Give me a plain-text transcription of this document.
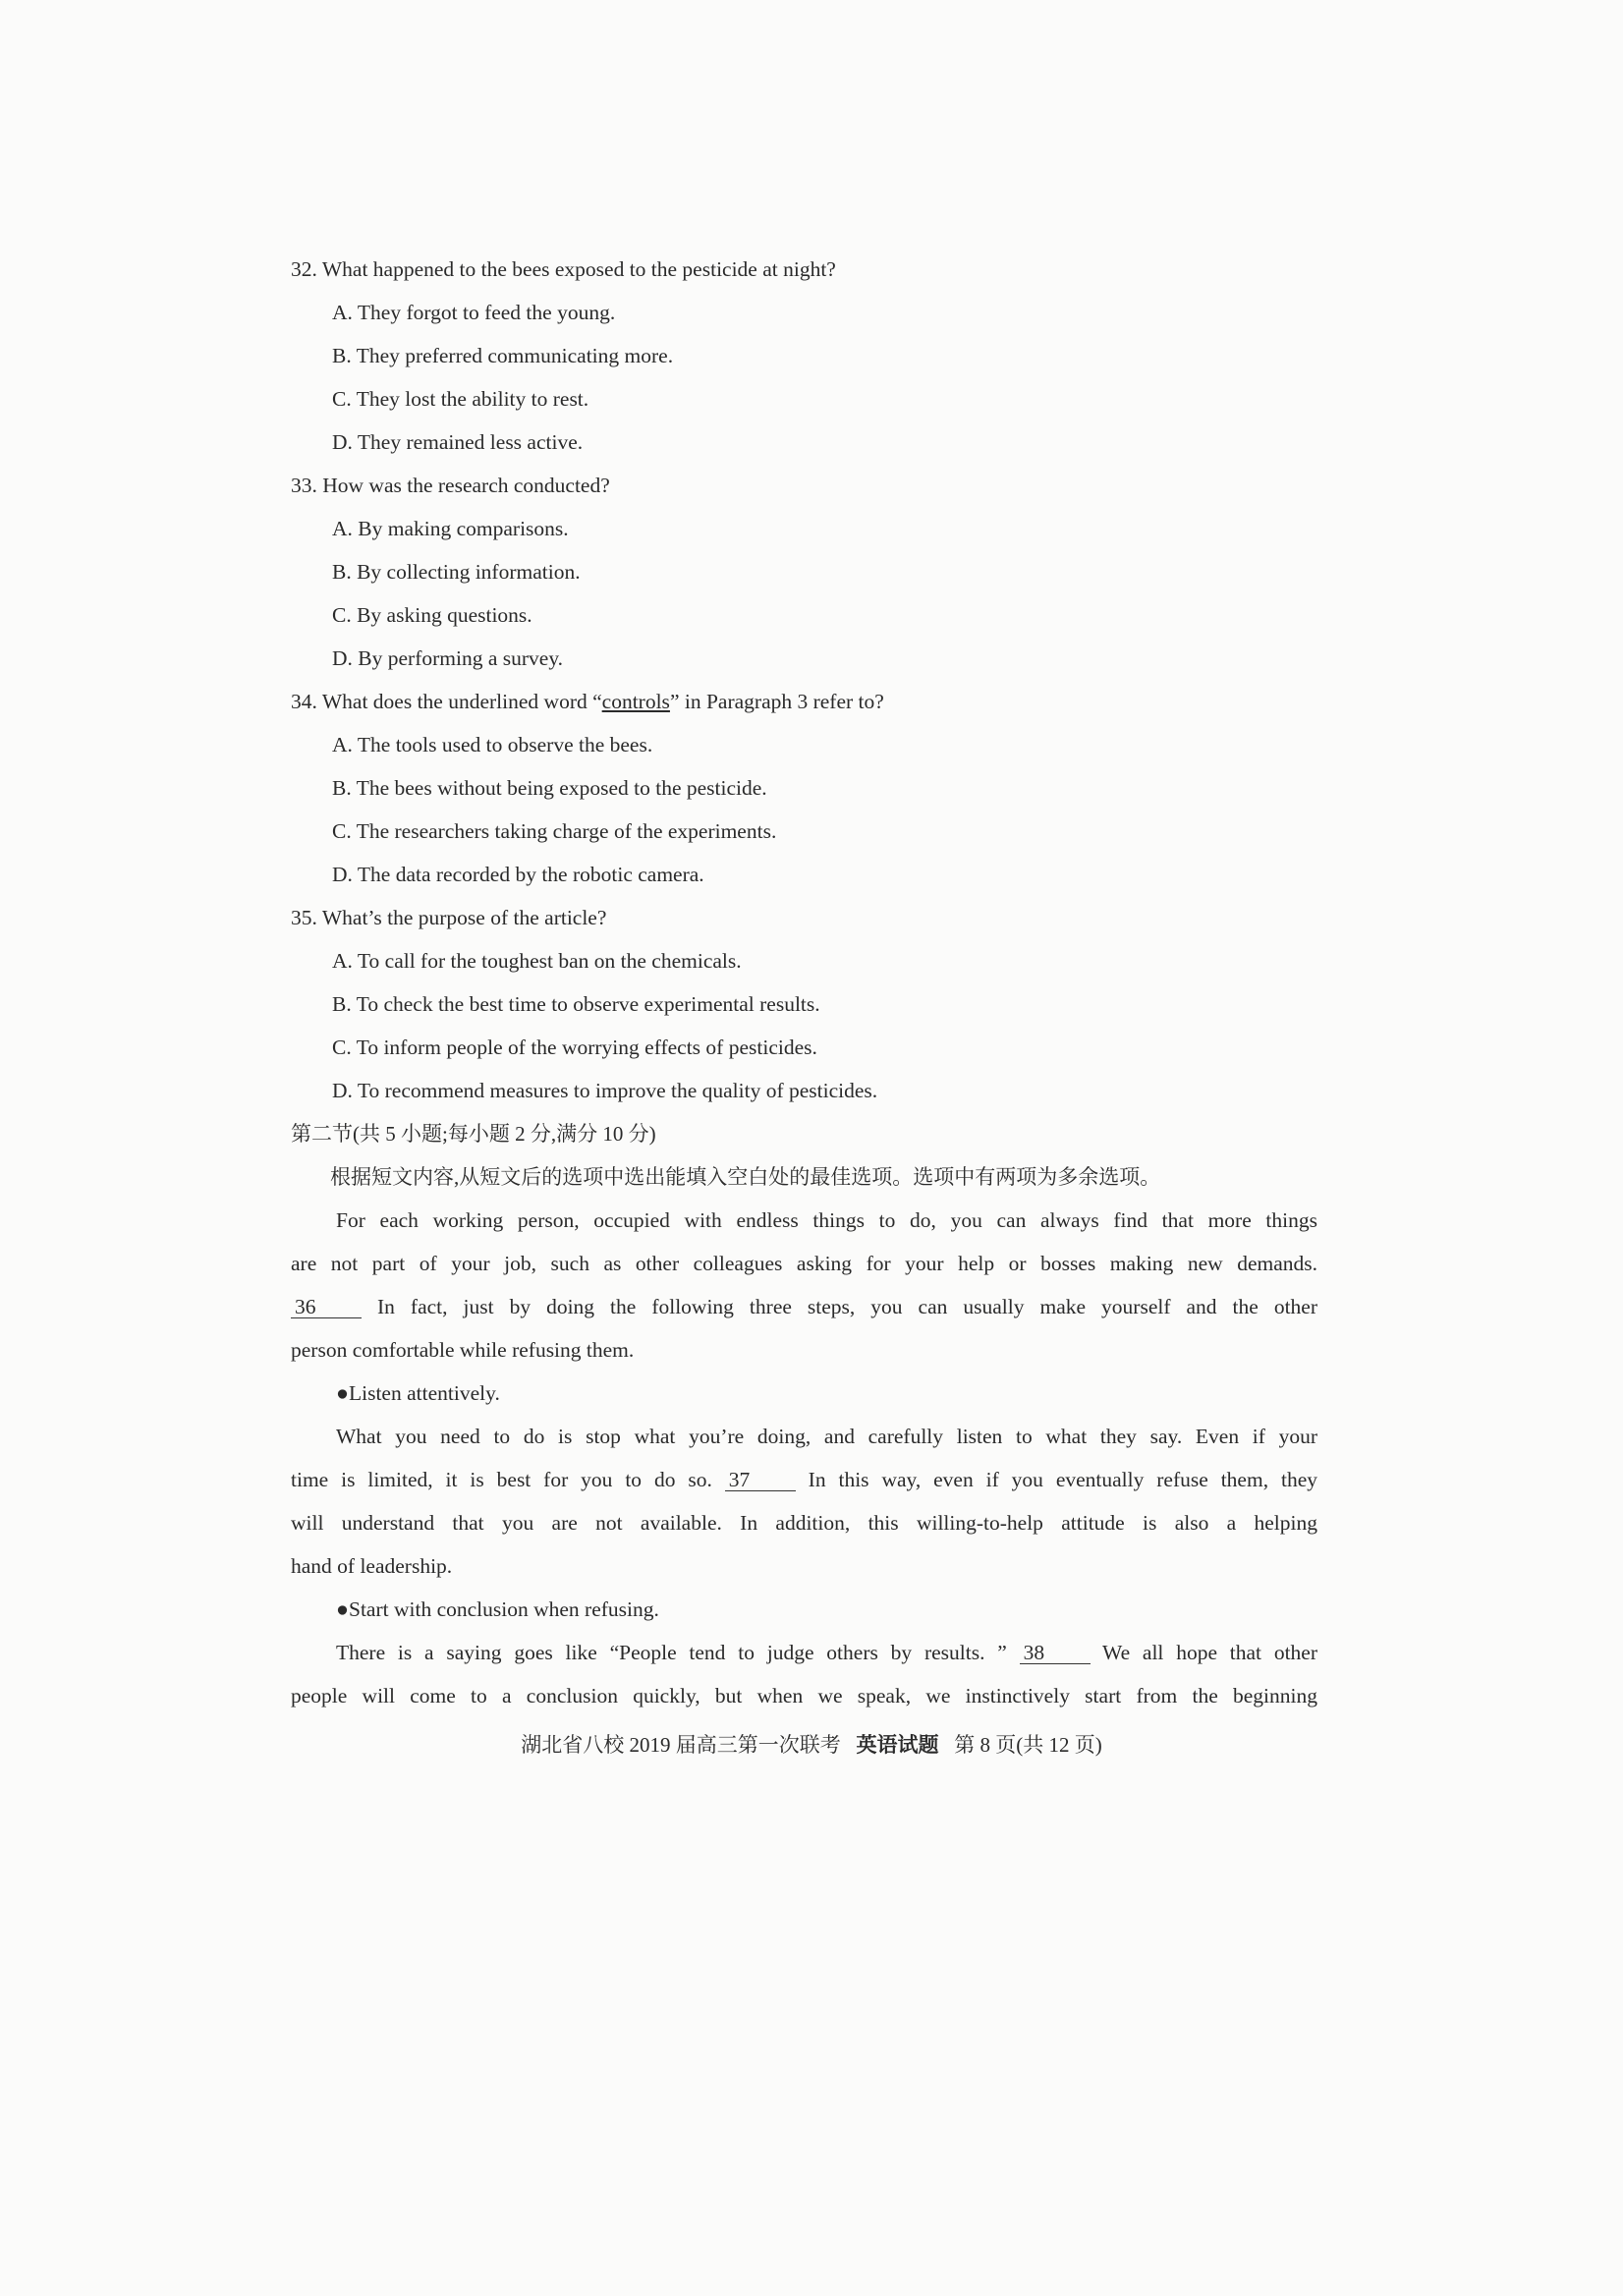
32. What happened to the bees exposed to the pesticide at night?

A. They forgot to feed the young.

B. They preferred communicating more.

C. They lost the ability to rest.

D. They remained less active.

33. How was the research conducted?

A. By making comparisons.

B. By collecting information.

C. By asking questions.

D. By performing a survey.

34. What does the underlined word “controls” in Paragraph 3 refer to?

A. The tools used to observe the bees.

B. The bees without being exposed to the pesticide.

C. The researchers taking charge of the experiments.

D. The data recorded by the robotic camera.

35. What’s the purpose of the article?

A. To call for the toughest ban on the chemicals.

B. To check the best time to observe experimental results.

C. To inform people of the worrying effects of pesticides.

D. To recommend measures to improve the quality of pesticides.

第二节(共 5 小题;每小题 2 分,满分 10 分)

根据短文内容,从短文后的选项中选出能填入空白处的最佳选项。选项中有两项为多余选项。

For each working person, occupied with endless things to do, you can always find that more things
are not part of your job, such as other colleagues asking for your help or bosses making new demands.
36 In fact, just by doing the following three steps, you can usually make yourself and the other
person comfortable while refusing them.

●Listen attentively.

What you need to do is stop what you’re doing, and carefully listen to what they say. Even if your
time is limited, it is best for you to do so. 37 In this way, even if you eventually refuse them, they
will understand that you are not available. In addition, this willing-to-help attitude is also a helping
hand of leadership.

●Start with conclusion when refusing.

There is a saying goes like “People tend to judge others by results. ” 38 We all hope that other
people will come to a conclusion quickly, but when we speak, we instinctively start from the beginning
湖北省八校 2019 届高三第一次联考 英语试题 第 8 页(共 12 页)
